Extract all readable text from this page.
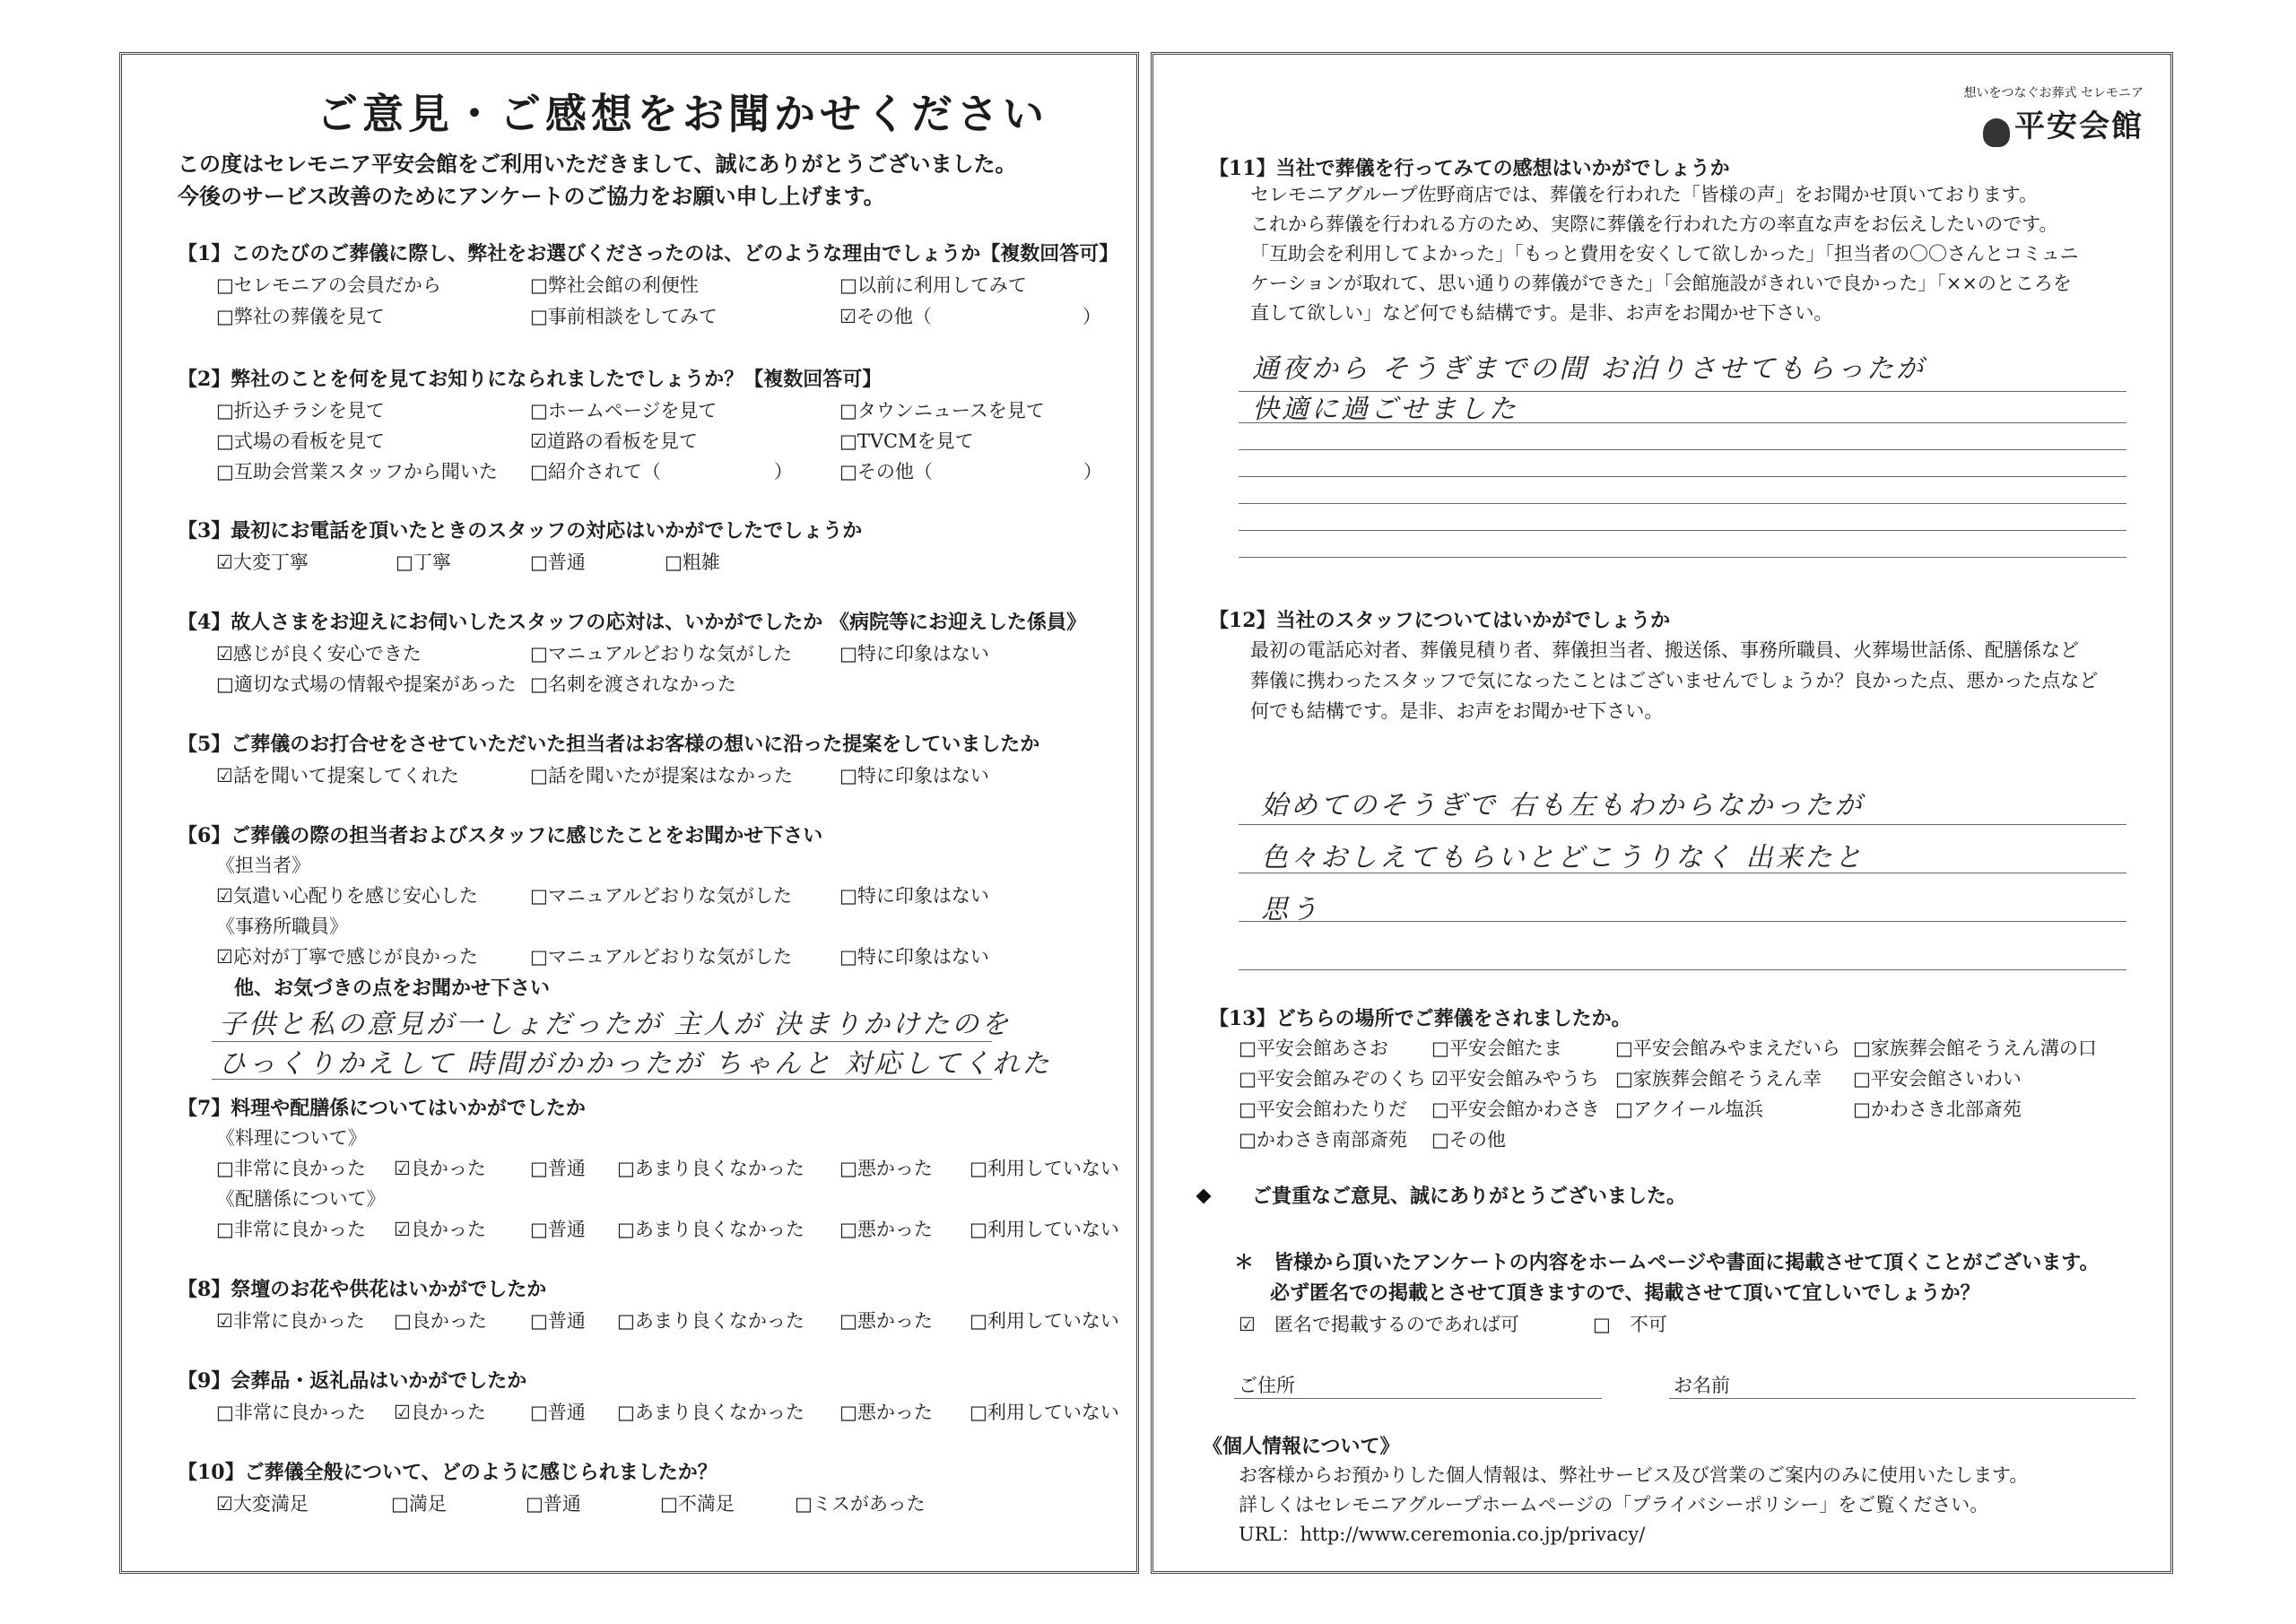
ご意見・ご感想をお聞かせください
この度はセレモニア平安会館をご利用いただきまして、誠にありがとうございました。
今後のサービス改善のためにアンケートのご協力をお願い申し上げます。
【1】このたびのご葬儀に際し、弊社をお選びくださったのは、どのような理由でしょうか【複数回答可】
□セレモニアの会員だから	□弊社会館の利便性	□以前に利用してみて
□弊社の葬儀を見て	□事前相談をしてみて	☑その他（　　　　　　　　）
【2】弊社のことを何を見てお知りになられましたでしょうか？【複数回答可】
□折込チラシを見て	□ホームページを見て	□タウンニュースを見て
□式場の看板を見て	☑道路の看板を見て	□TVCMを見て
□互助会営業スタッフから聞いた □紹介されて（　　　　　　） □その他（　　　　　　　　）
【3】最初にお電話を頂いたときのスタッフの対応はいかがでしたでしょうか
☑大変丁寧	□丁寧	□普通	□粗雑
【4】故人さまをお迎えにお伺いしたスタッフの応対は、いかがでしたか 《病院等にお迎えした係員》
☑感じが良く安心できた	□マニュアルどおりな気がした	□特に印象はない
□適切な式場の情報や提案があった □名刺を渡されなかった
【5】ご葬儀のお打合せをさせていただいた担当者はお客様の想いに沿った提案をしていましたか
☑話を聞いて提案してくれた	□話を聞いたが提案はなかった □特に印象はない
【6】ご葬儀の際の担当者およびスタッフに感じたことをお聞かせ下さい
《担当者》
☑気遣い心配りを感じ安心した	□マニュアルどおりな気がした	□特に印象はない
《事務所職員》
☑応対が丁寧で感じが良かった	□マニュアルどおりな気がした	□特に印象はない
他、お気づきの点をお聞かせ下さい
子供と私の意見が一しょだったが 主人が 決まりかけたのを
ひっくりかえして 時間がかかったが ちゃんと 対応してくれた
【7】料理や配膳係についてはいかがでしたか
《料理について》
□非常に良かった ☑良かった □普通 □あまり良くなかった □悪かった □利用していない
《配膳係について》
□非常に良かった ☑良かった □普通 □あまり良くなかった □悪かった □利用していない
【8】祭壇のお花や供花はいかがでしたか
☑非常に良かった □良かった □普通 □あまり良くなかった □悪かった □利用していない
【9】会葬品・返礼品はいかがでしたか
□非常に良かった ☑良かった □普通 □あまり良くなかった □悪かった □利用していない
【10】ご葬儀全般について、どのように感じられましたか？
☑大変満足	□満足	□普通	□不満足	□ミスがあった
想いをつなぐお葬式 セレモニア
平安会館
【11】当社で葬儀を行ってみての感想はいかがでしょうか
セレモニアグループ佐野商店では、葬儀を行われた「皆様の声」をお聞かせ頂いております。
これから葬儀を行われる方のため、実際に葬儀を行われた方の率直な声をお伝えしたいのです。
「互助会を利用してよかった」「もっと費用を安くして欲しかった」「担当者の〇〇さんとコミュニ
ケーションが取れて、思い通りの葬儀ができた」「会館施設がきれいで良かった」「××のところを
直して欲しい」など何でも結構です。是非、お声をお聞かせ下さい。
通夜から そうぎまでの間 お泊りさせてもらったが
快適に過ごせました
【12】当社のスタッフについてはいかがでしょうか
最初の電話応対者、葬儀見積り者、葬儀担当者、搬送係、事務所職員、火葬場世話係、配膳係など
葬儀に携わったスタッフで気になったことはございませんでしょうか？良かった点、悪かった点など
何でも結構です。是非、お声をお聞かせ下さい。
始めてのそうぎで 右も左もわからなかったが
色々おしえてもらいとどこうりなく 出来たと
思う
【13】どちらの場所でご葬儀をされましたか。
□平安会館あさお □平安会館たま	□平安会館みやまえだいら □家族葬会館そうえん溝の口
□平安会館みぞのくち ☑平安会館みやうち □家族葬会館そうえん幸 □平安会館さいわい
□平安会館わたりだ □平安会館かわさき □アクイール塩浜	□かわさき北部斎苑
□かわさき南部斎苑 □その他
ご貴重なご意見、誠にありがとうございました。
＊　皆様から頂いたアンケートの内容をホームページや書面に掲載させて頂くことがございます。
必ず匿名での掲載とさせて頂きますので、掲載させて頂いて宜しいでしょうか？
☑　匿名で掲載するのであれば可	□　不可
ご住所	お名前
《個人情報について》
お客様からお預かりした個人情報は、弊社サービス及び営業のご案内のみに使用いたします。
詳しくはセレモニアグループホームページの「プライバシーポリシー」をご覧ください。
URL：http://www.ceremonia.co.jp/privacy/
